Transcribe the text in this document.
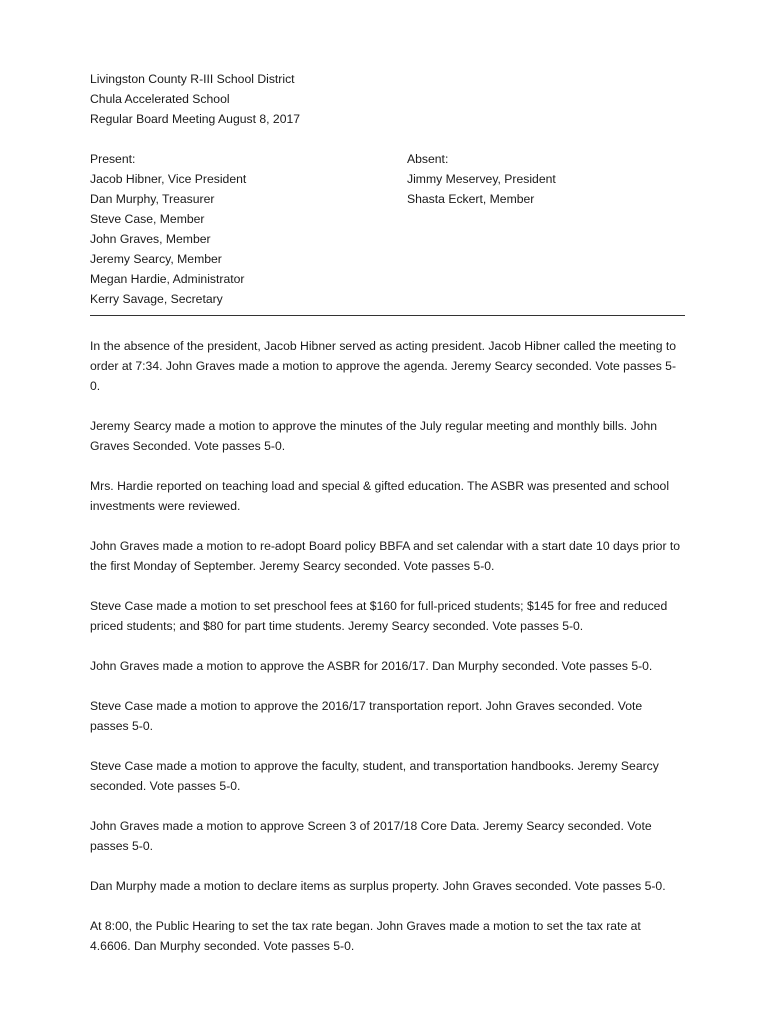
Livingston County R-III School District
Chula Accelerated School
Regular Board Meeting August 8, 2017
Present:
Jacob Hibner, Vice President
Dan Murphy, Treasurer
Steve Case, Member
John Graves, Member
Jeremy Searcy, Member
Megan Hardie, Administrator
Kerry Savage, Secretary
Absent:
Jimmy Meservey, President
Shasta Eckert, Member

In the absence of the president, Jacob Hibner served as acting president. Jacob Hibner called the meeting to order at 7:34. John Graves made a motion to approve the agenda. Jeremy Searcy seconded. Vote passes 5-0.

Jeremy Searcy made a motion to approve the minutes of the July regular meeting and monthly bills. John Graves Seconded. Vote passes 5-0.

Mrs. Hardie reported on teaching load and special & gifted education. The ASBR was presented and school investments were reviewed.

John Graves made a motion to re-adopt Board policy BBFA and set calendar with a start date 10 days prior to the first Monday of September. Jeremy Searcy seconded. Vote passes 5-0.

Steve Case made a motion to set preschool fees at $160 for full-priced students; $145 for free and reduced priced students; and $80 for part time students. Jeremy Searcy seconded. Vote passes 5-0.

John Graves made a motion to approve the ASBR for 2016/17. Dan Murphy seconded. Vote passes 5-0.

Steve Case made a motion to approve the 2016/17 transportation report. John Graves seconded. Vote passes 5-0.

Steve Case made a motion to approve the faculty, student, and transportation handbooks. Jeremy Searcy seconded. Vote passes 5-0.

John Graves made a motion to approve Screen 3 of 2017/18 Core Data. Jeremy Searcy seconded. Vote passes 5-0.

Dan Murphy made a motion to declare items as surplus property. John Graves seconded. Vote passes 5-0.

At 8:00, the Public Hearing to set the tax rate began. John Graves made a motion to set the tax rate at 4.6606. Dan Murphy seconded. Vote passes 5-0.
